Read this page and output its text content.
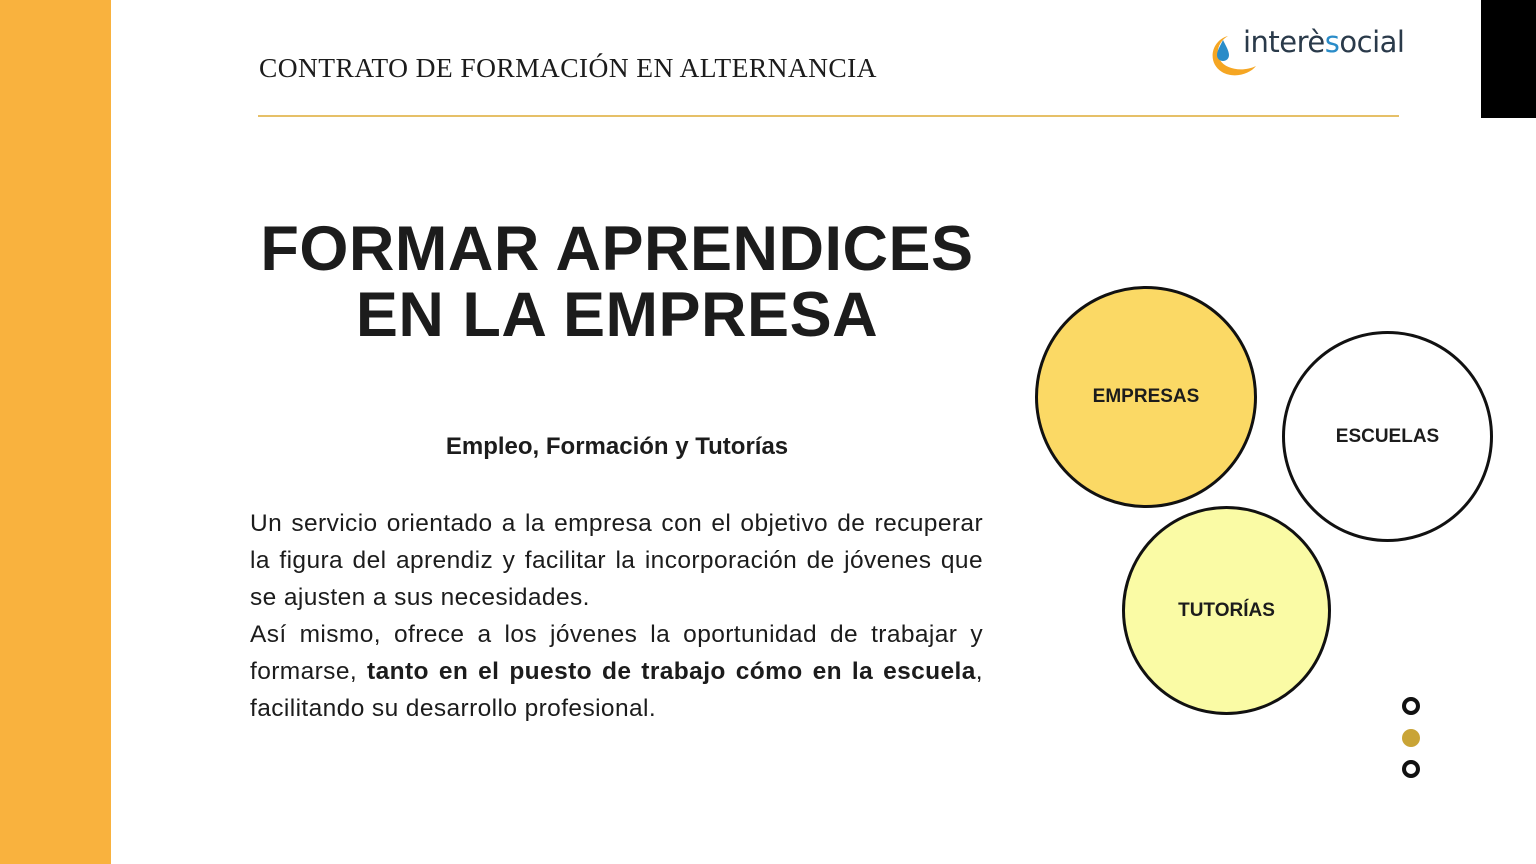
CONTRATO DE FORMACIÓN EN ALTERNANCIA
interèsocial
FORMAR APRENDICES
EN LA EMPRESA
Empleo, Formación y Tutorías

Un servicio orientado a la empresa con el objetivo de recuperar la figura del aprendiz y facilitar la incorporación de jóvenes que se ajusten a sus necesidades.

Así mismo, ofrece a los jóvenes la oportunidad de trabajar y formarse, tanto en el puesto de trabajo cómo en la escuela, facilitando su desarrollo profesional.

EMPRESAS
ESCUELAS
TUTORÍAS
